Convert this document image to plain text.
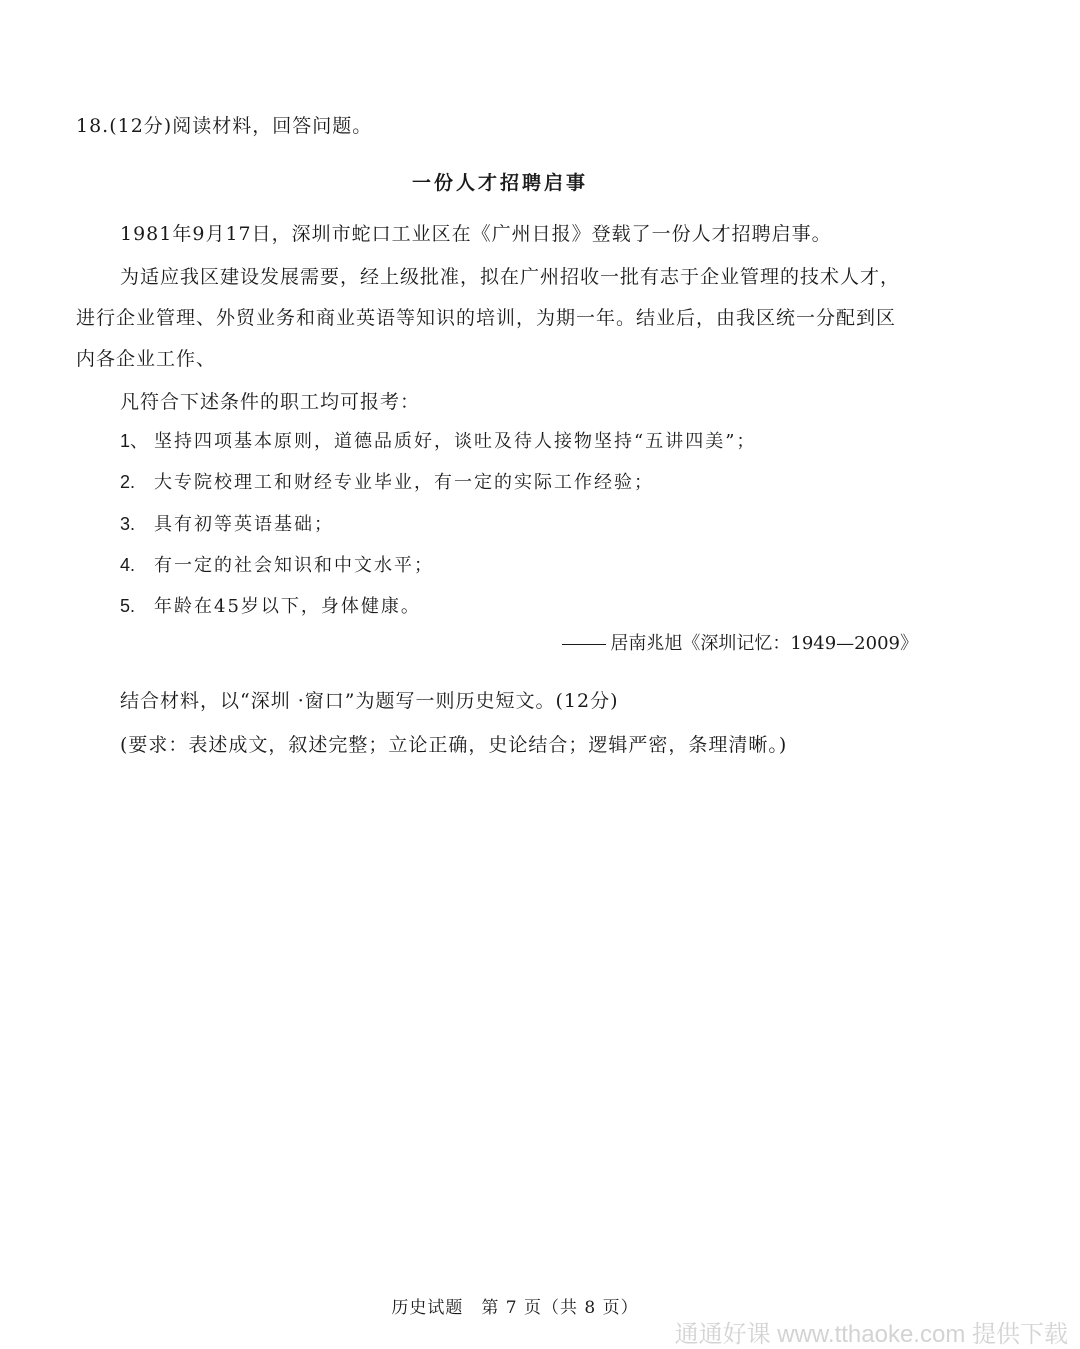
18.(12分)阅读材料，回答问题。
一份人才招聘启事
1981年9月17日，深圳市蛇口工业区在《广州日报》登载了一份人才招聘启事。
为适应我区建设发展需要，经上级批准，拟在广州招收一批有志于企业管理的技术人才，
进行企业管理、外贸业务和商业英语等知识的培训，为期一年。结业后，由我区统一分配到区
内各企业工作、
凡符合下述条件的职工均可报考：
1、 坚持四项基本原则，道德品质好，谈吐及待人接物坚持“五讲四美”；
2. 大专院校理工和财经专业毕业，有一定的实际工作经验；
3. 具有初等英语基础；
4. 有一定的社会知识和中文水平；
5. 年龄在45岁以下，身体健康。
居南兆旭《深圳记忆：1949—2009》
结合材料，以“深圳 ·窗口”为题写一则历史短文。(12分)
(要求：表述成文，叙述完整；立论正确，史论结合；逻辑严密，条理清晰。)
历史试题　第 7 页（共 8 页）
通通好课 www.tthaoke.com 提供下载
